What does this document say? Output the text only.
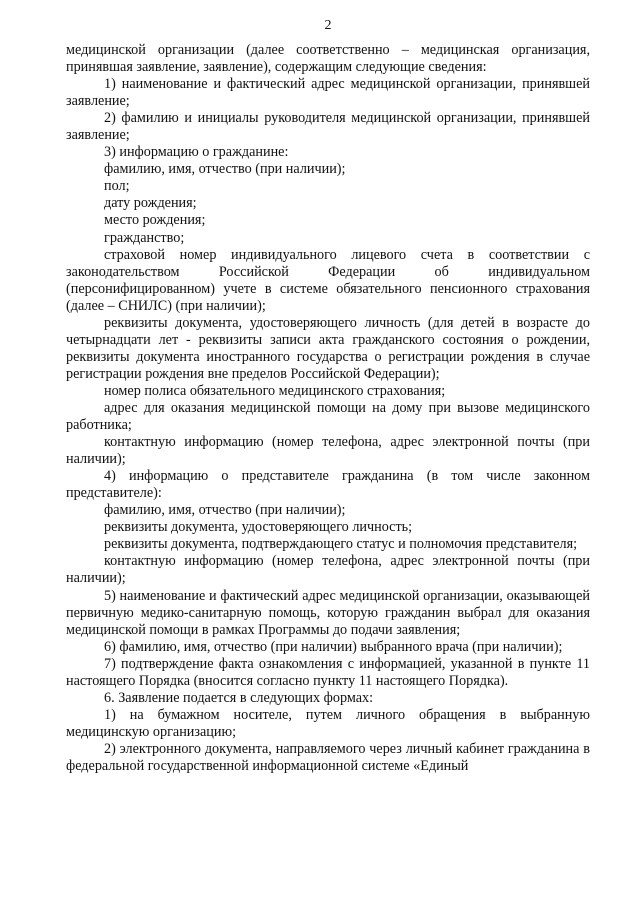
2

медицинской организации (далее соответственно – медицинская организация, принявшая заявление, заявление), содержащим следующие сведения:

1) наименование и фактический адрес медицинской организации, принявшей заявление;

2) фамилию и инициалы руководителя медицинской организации, принявшей заявление;

3) информацию о гражданине:

фамилию, имя, отчество (при наличии);

пол;

дату рождения;

место рождения;

гражданство;

страховой номер индивидуального лицевого счета в соответствии с законодательством Российской Федерации об индивидуальном (персонифицированном) учете в системе обязательного пенсионного страхования (далее – СНИЛС) (при наличии);

реквизиты документа, удостоверяющего личность (для детей в возрасте до четырнадцати лет - реквизиты записи акта гражданского состояния о рождении, реквизиты документа иностранного государства о регистрации рождения в случае регистрации рождения вне пределов Российской Федерации);

номер полиса обязательного медицинского страхования;

адрес для оказания медицинской помощи на дому при вызове медицинского работника;

контактную информацию (номер телефона, адрес электронной почты (при наличии);

4) информацию о представителе гражданина (в том числе законном представителе):

фамилию, имя, отчество (при наличии);

реквизиты документа, удостоверяющего личность;

реквизиты документа, подтверждающего статус и полномочия представителя;

контактную информацию (номер телефона, адрес электронной почты (при наличии);

5) наименование и фактический адрес медицинской организации, оказывающей первичную медико-санитарную помощь, которую гражданин выбрал для оказания медицинской помощи в рамках Программы до подачи заявления;

6) фамилию, имя, отчество (при наличии) выбранного врача (при наличии);

7) подтверждение факта ознакомления с информацией, указанной в пункте 11 настоящего Порядка (вносится согласно пункту 11 настоящего Порядка).

6. Заявление подается в следующих формах:

1) на бумажном носителе, путем личного обращения в выбранную медицинскую организацию;

2) электронного документа, направляемого через личный кабинет гражданина в федеральной государственной информационной системе «Единый
